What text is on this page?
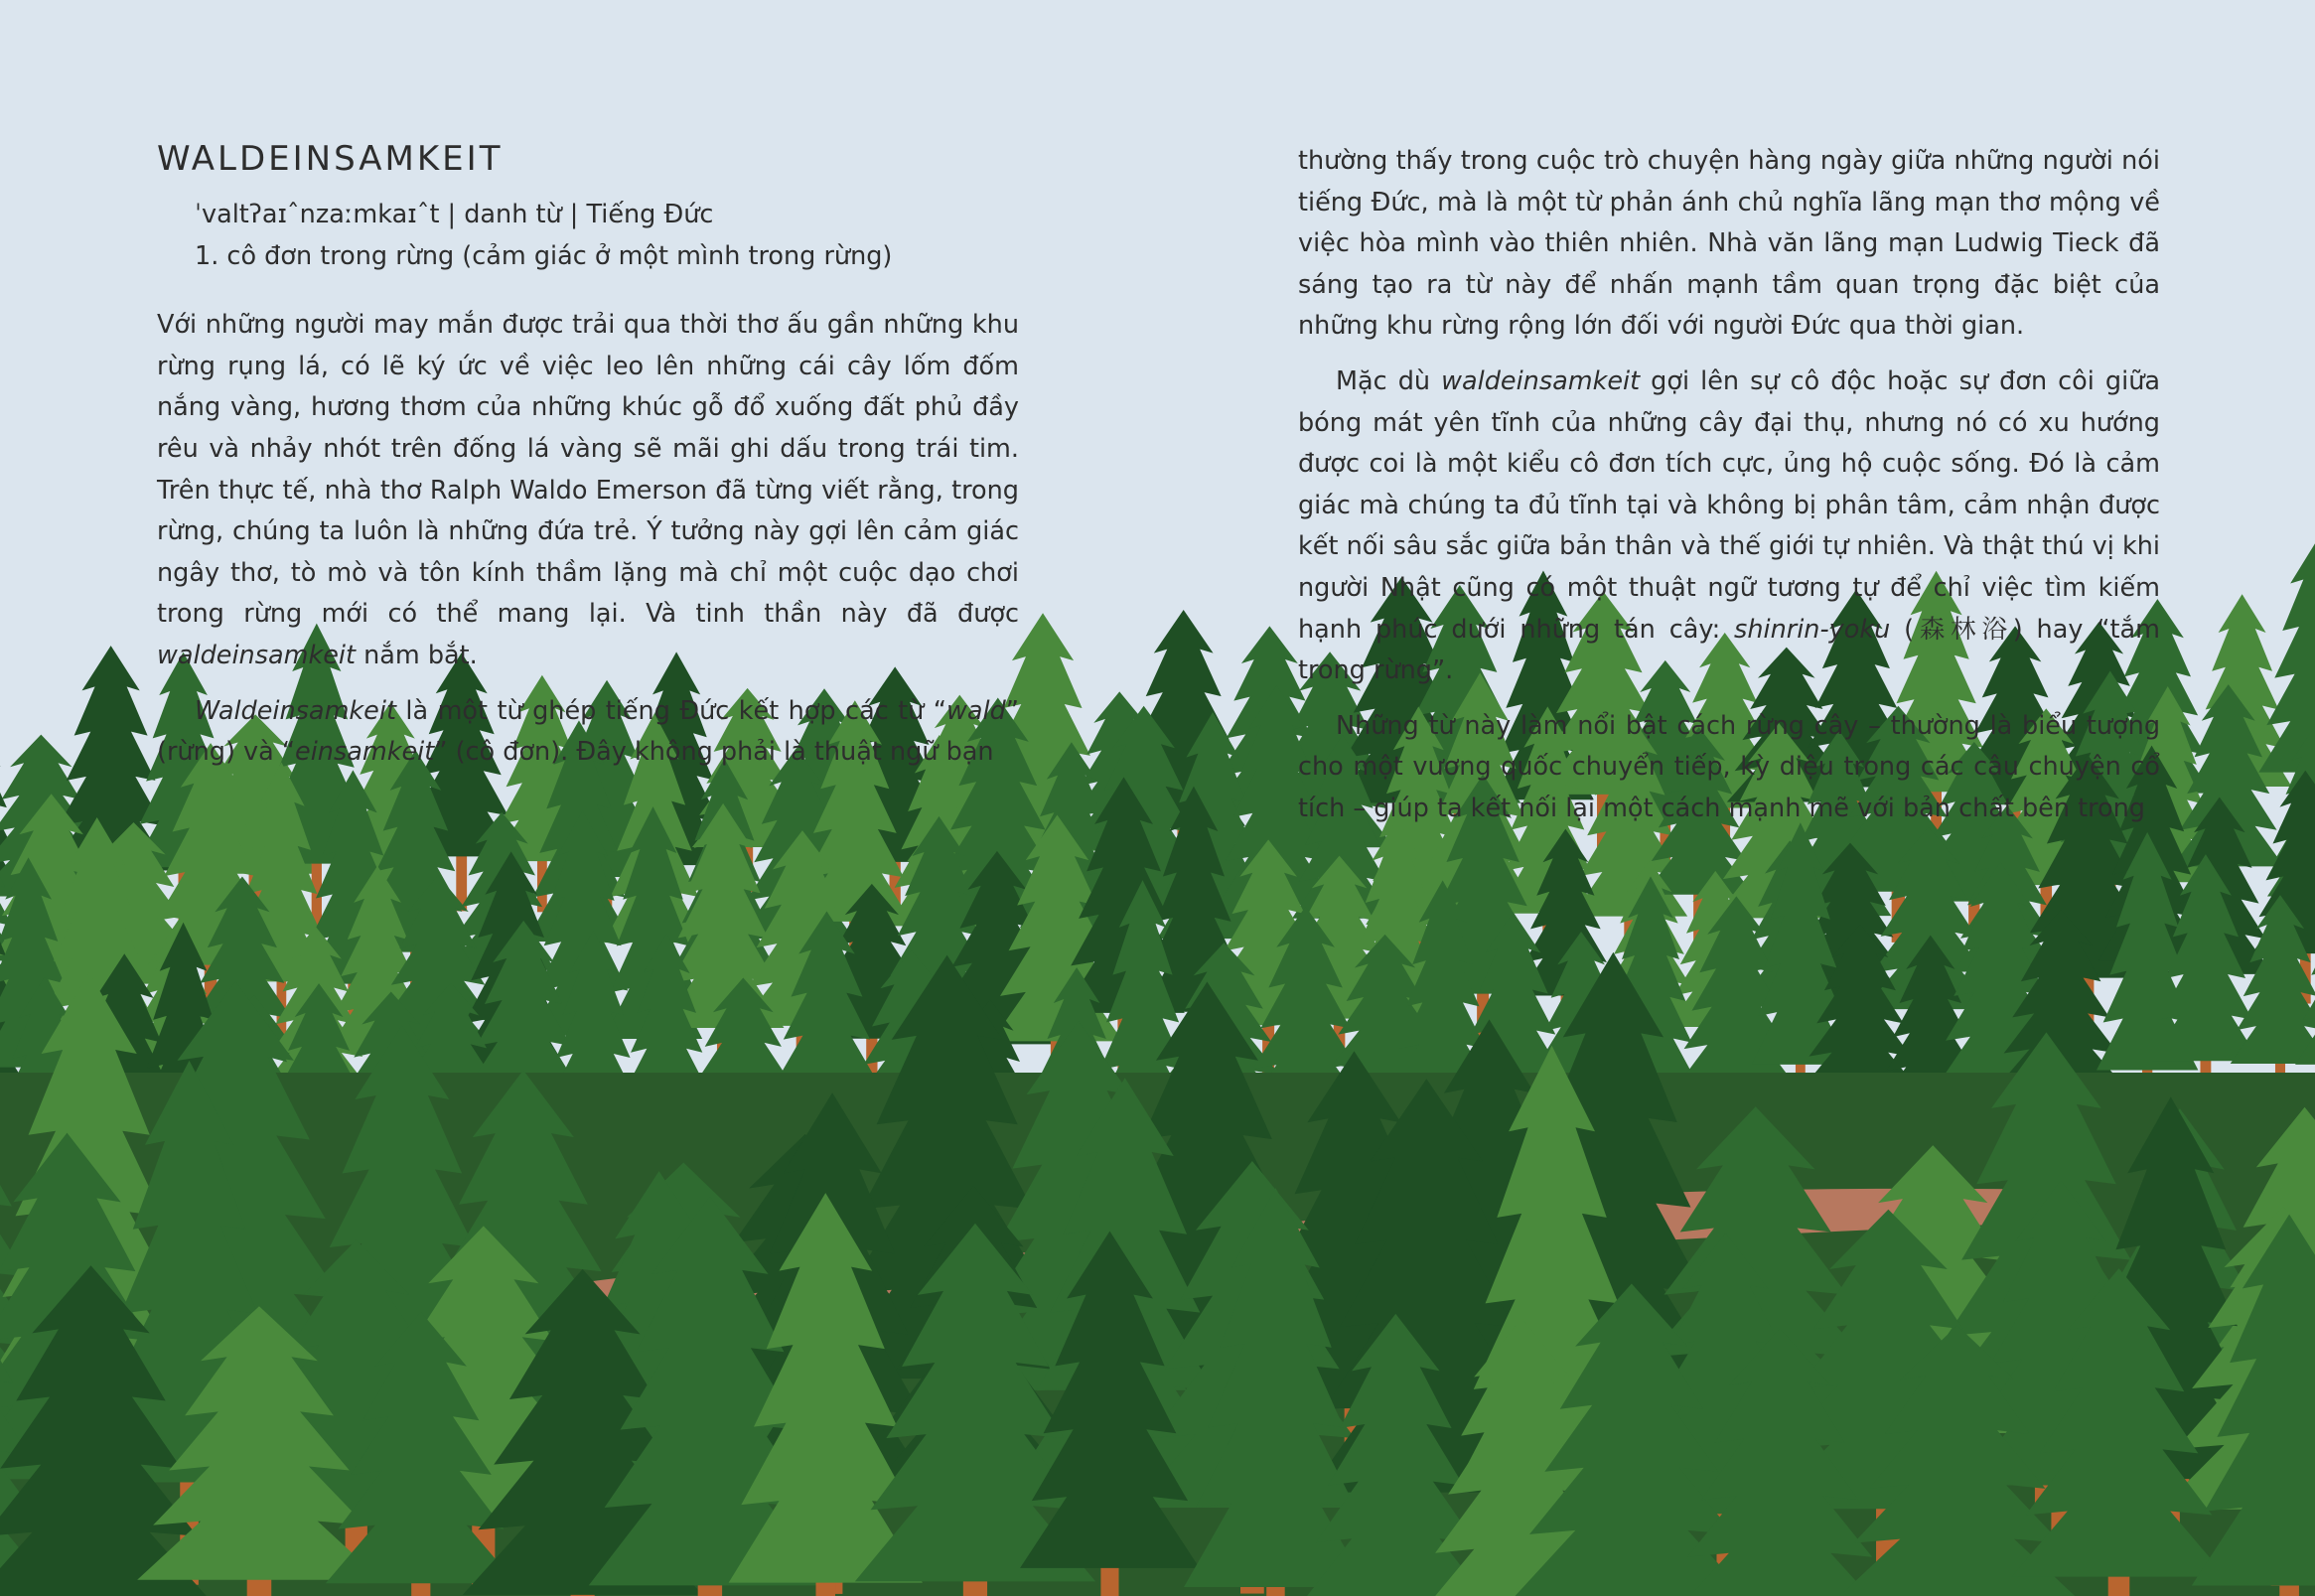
WALDEINSAMKEIT

ˈvaltʔaɪˆnzaːmkaɪˆt | danh từ | Tiếng Đức

1. cô đơn trong rừng (cảm giác ở một mình trong rừng)

Với những người may mắn được trải qua thời thơ ấu gần những khu rừng rụng lá, có lẽ ký ức về việc leo lên những cái cây lốm đốm nắng vàng, hương thơm của những khúc gỗ đổ xuống đất phủ đầy rêu và nhảy nhót trên đống lá vàng sẽ mãi ghi dấu trong trái tim. Trên thực tế, nhà thơ Ralph Waldo Emerson đã từng viết rằng, trong rừng, chúng ta luôn là những đứa trẻ. Ý tưởng này gợi lên cảm giác ngây thơ, tò mò và tôn kính thầm lặng mà chỉ một cuộc dạo chơi trong rừng mới có thể mang lại. Và tinh thần này đã được waldeinsamkeit nắm bắt.

Waldeinsamkeit là một từ ghép tiếng Đức kết hợp các từ “wald” (rừng) và “einsamkeit” (cô đơn). Đây không phải là thuật ngữ bạn

thường thấy trong cuộc trò chuyện hàng ngày giữa những người nói tiếng Đức, mà là một từ phản ánh chủ nghĩa lãng mạn thơ mộng về việc hòa mình vào thiên nhiên. Nhà văn lãng mạn Ludwig Tieck đã sáng tạo ra từ này để nhấn mạnh tầm quan trọng đặc biệt của những khu rừng rộng lớn đối với người Đức qua thời gian.

Mặc dù waldeinsamkeit gợi lên sự cô độc hoặc sự đơn côi giữa bóng mát yên tĩnh của những cây đại thụ, nhưng nó có xu hướng được coi là một kiểu cô đơn tích cực, ủng hộ cuộc sống. Đó là cảm giác mà chúng ta đủ tĩnh tại và không bị phân tâm, cảm nhận được kết nối sâu sắc giữa bản thân và thế giới tự nhiên. Và thật thú vị khi người Nhật cũng có một thuật ngữ tương tự để chỉ việc tìm kiếm hạnh phúc dưới những tán cây: shinrin-yoku (森林浴) hay “tắm trong rừng”.

Những từ này làm nổi bật cách rừng cây – thường là biểu tượng cho một vương quốc chuyển tiếp, kỳ diệu trong các câu chuyện cổ tích – giúp ta kết nối lại một cách mạnh mẽ với bản chất bên trong
